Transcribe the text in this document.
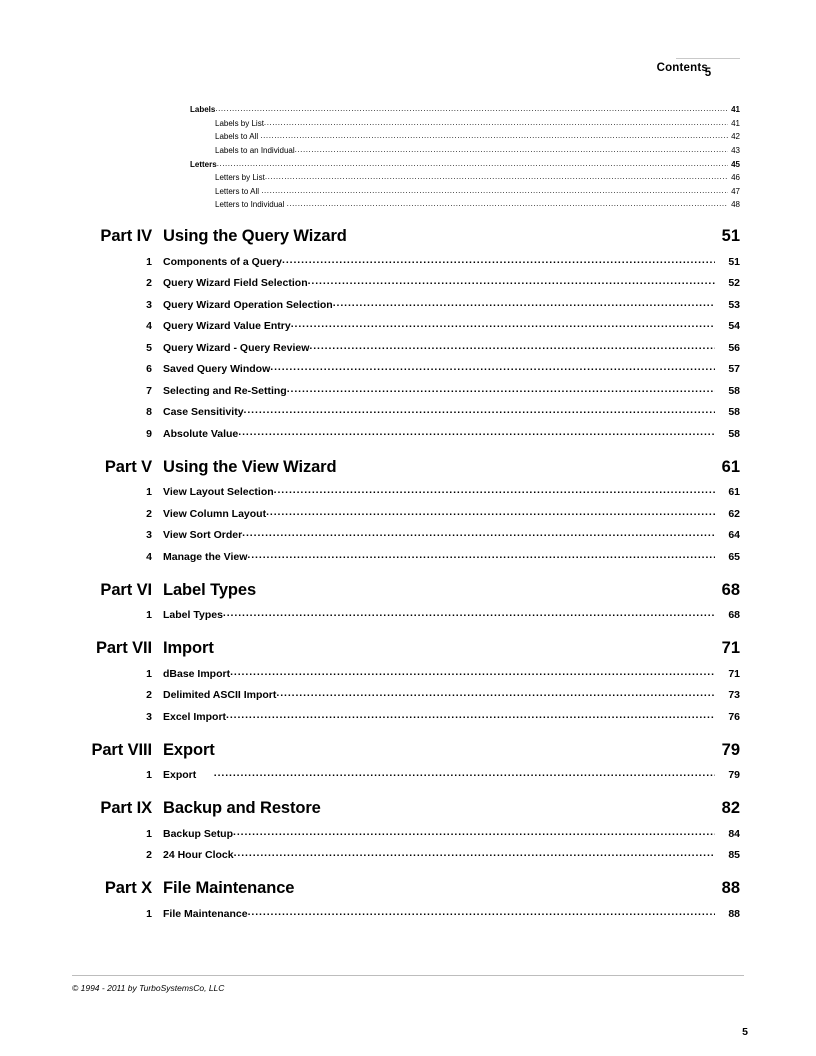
Contents
5
Labels .....	41
Labels by List .....	41
Labels to All .....	42
Labels to an Individual .....	43
Letters .....	45
Letters by List .....	46
Letters to All .....	47
Letters to Individual .....	48
Part IV Using the Query Wizard	51
1	Components of a Query .....	51
2	Query Wizard Field Selection .....	52
3	Query Wizard Operation Selection .....	53
4	Query Wizard Value Entry .....	54
5	Query Wizard - Query Review .....	56
6	Saved Query Window .....	57
7	Selecting and Re-Setting .....	58
8	Case Sensitivity .....	58
9	Absolute Value .....	58
Part V Using the View Wizard	61
1	View Layout Selection .....	61
2	View Column Layout .....	62
3	View Sort Order .....	64
4	Manage the View .....	65
Part VI Label Types	68
1	Label Types .....	68
Part VII Import	71
1	dBase Import .....	71
2	Delimited ASCII Import .....	73
3	Excel Import .....	76
Part VIII Export	79
1	Export .....	79
Part IX Backup and Restore	82
1	Backup Setup .....	84
2	24 Hour Clock .....	85
Part X File Maintenance	88
1	File Maintenance .....	88
© 1994 - 2011 by TurboSystemsCo, LLC
5
